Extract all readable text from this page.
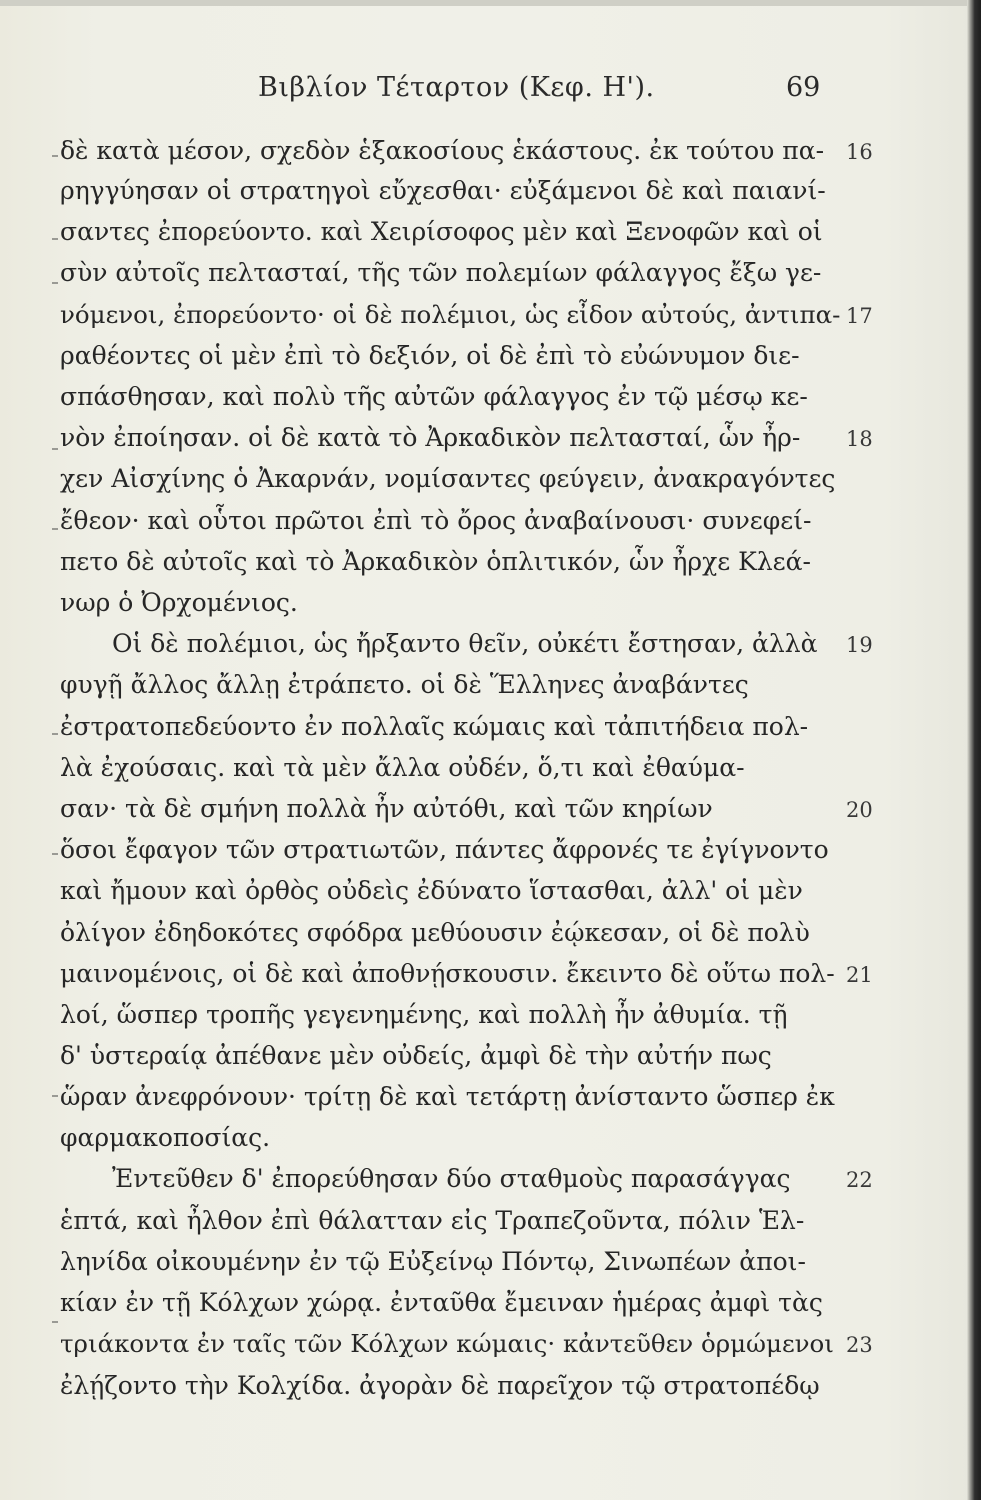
Βιβλίον Τέταρτον (Κεφ. Η').	69
δὲ κατὰ μέσον, σχεδὸν ἑξακοσίους ἑκάστους. ἐκ τούτου πα-
ρηγγύησαν οἱ στρατηγοὶ εὔχεσθαι· εὐξάμενοι δὲ καὶ παιανί-
σαντες ἐπορεύοντο. καὶ Χειρίσοφος μὲν καὶ Ξενοφῶν καὶ οἱ
σὺν αὐτοῖς πελτασταί, τῆς τῶν πολεμίων φάλαγγος ἔξω γε-
νόμενοι, ἐπορεύοντο· οἱ δὲ πολέμιοι, ὡς εἶδον αὐτούς, ἀντιπα-
ραθέοντες οἱ μὲν ἐπὶ τὸ δεξιόν, οἱ δὲ ἐπὶ τὸ εὐώνυμον διε-
σπάσθησαν, καὶ πολὺ τῆς αὐτῶν φάλαγγος ἐν τῷ μέσῳ κε-
νὸν ἐποίησαν. οἱ δὲ κατὰ τὸ Ἀρκαδικὸν πελτασταί, ὧν ἦρ-
χεν Αἰσχίνης ὁ Ἀκαρνάν, νομίσαντες φεύγειν, ἀνακραγόντες
ἔθεον· καὶ οὗτοι πρῶτοι ἐπὶ τὸ ὄρος ἀναβαίνουσι· συνεφεί-
πετο δὲ αὐτοῖς καὶ τὸ Ἀρκαδικὸν ὁπλιτικόν, ὧν ἦρχε Κλεά-
νωρ ὁ Ὀρχομένιος.
Οἱ δὲ πολέμιοι, ὡς ἤρξαντο θεῖν, οὐκέτι ἔστησαν, ἀλλὰ
φυγῇ ἄλλος ἄλλῃ ἐτράπετο. οἱ δὲ Ἕλληνες ἀναβάντες
ἐστρατοπεδεύοντο ἐν πολλαῖς κώμαις καὶ τἀπιτήδεια πολ-
λὰ ἐχούσαις. καὶ τὰ μὲν ἄλλα οὐδέν, ὅ,τι καὶ ἐθαύμα-
σαν· τὰ δὲ σμήνη πολλὰ ἦν αὐτόθι, καὶ τῶν κηρίων
ὅσοι ἔφαγον τῶν στρατιωτῶν, πάντες ἄφρονές τε ἐγίγνοντο
καὶ ἤμουν καὶ ὀρθὸς οὐδεὶς ἐδύνατο ἵστασθαι, ἀλλ' οἱ μὲν
ὀλίγον ἐδηδοκότες σφόδρα μεθύουσιν ἐῴκεσαν, οἱ δὲ πολὺ
μαινομένοις, οἱ δὲ καὶ ἀποθνῄσκουσιν. ἔκειντο δὲ οὕτω πολ-
λοί, ὥσπερ τροπῆς γεγενημένης, καὶ πολλὴ ἦν ἀθυμία. τῇ
δ' ὑστεραίᾳ ἀπέθανε μὲν οὐδείς, ἀμφὶ δὲ τὴν αὐτήν πως
ὥραν ἀνεφρόνουν· τρίτῃ δὲ καὶ τετάρτῃ ἀνίσταντο ὥσπερ ἐκ
φαρμακοποσίας.
Ἐντεῦθεν δ' ἐπορεύθησαν δύο σταθμοὺς παρασάγγας
ἑπτά, καὶ ἦλθον ἐπὶ θάλατταν εἰς Τραπεζοῦντα, πόλιν Ἑλ-
ληνίδα οἰκουμένην ἐν τῷ Εὐξείνῳ Πόντῳ, Σινωπέων ἀποι-
κίαν ἐν τῇ Κόλχων χώρᾳ. ἐνταῦθα ἔμειναν ἡμέρας ἀμφὶ τὰς
τριάκοντα ἐν ταῖς τῶν Κόλχων κώμαις· κἀντεῦθεν ὁρμώμενοι
ἐλῄζοντο τὴν Κολχίδα. ἀγορὰν δὲ παρεῖχον τῷ στρατοπέδῳ
16
17
18
19
20
21
22
23
